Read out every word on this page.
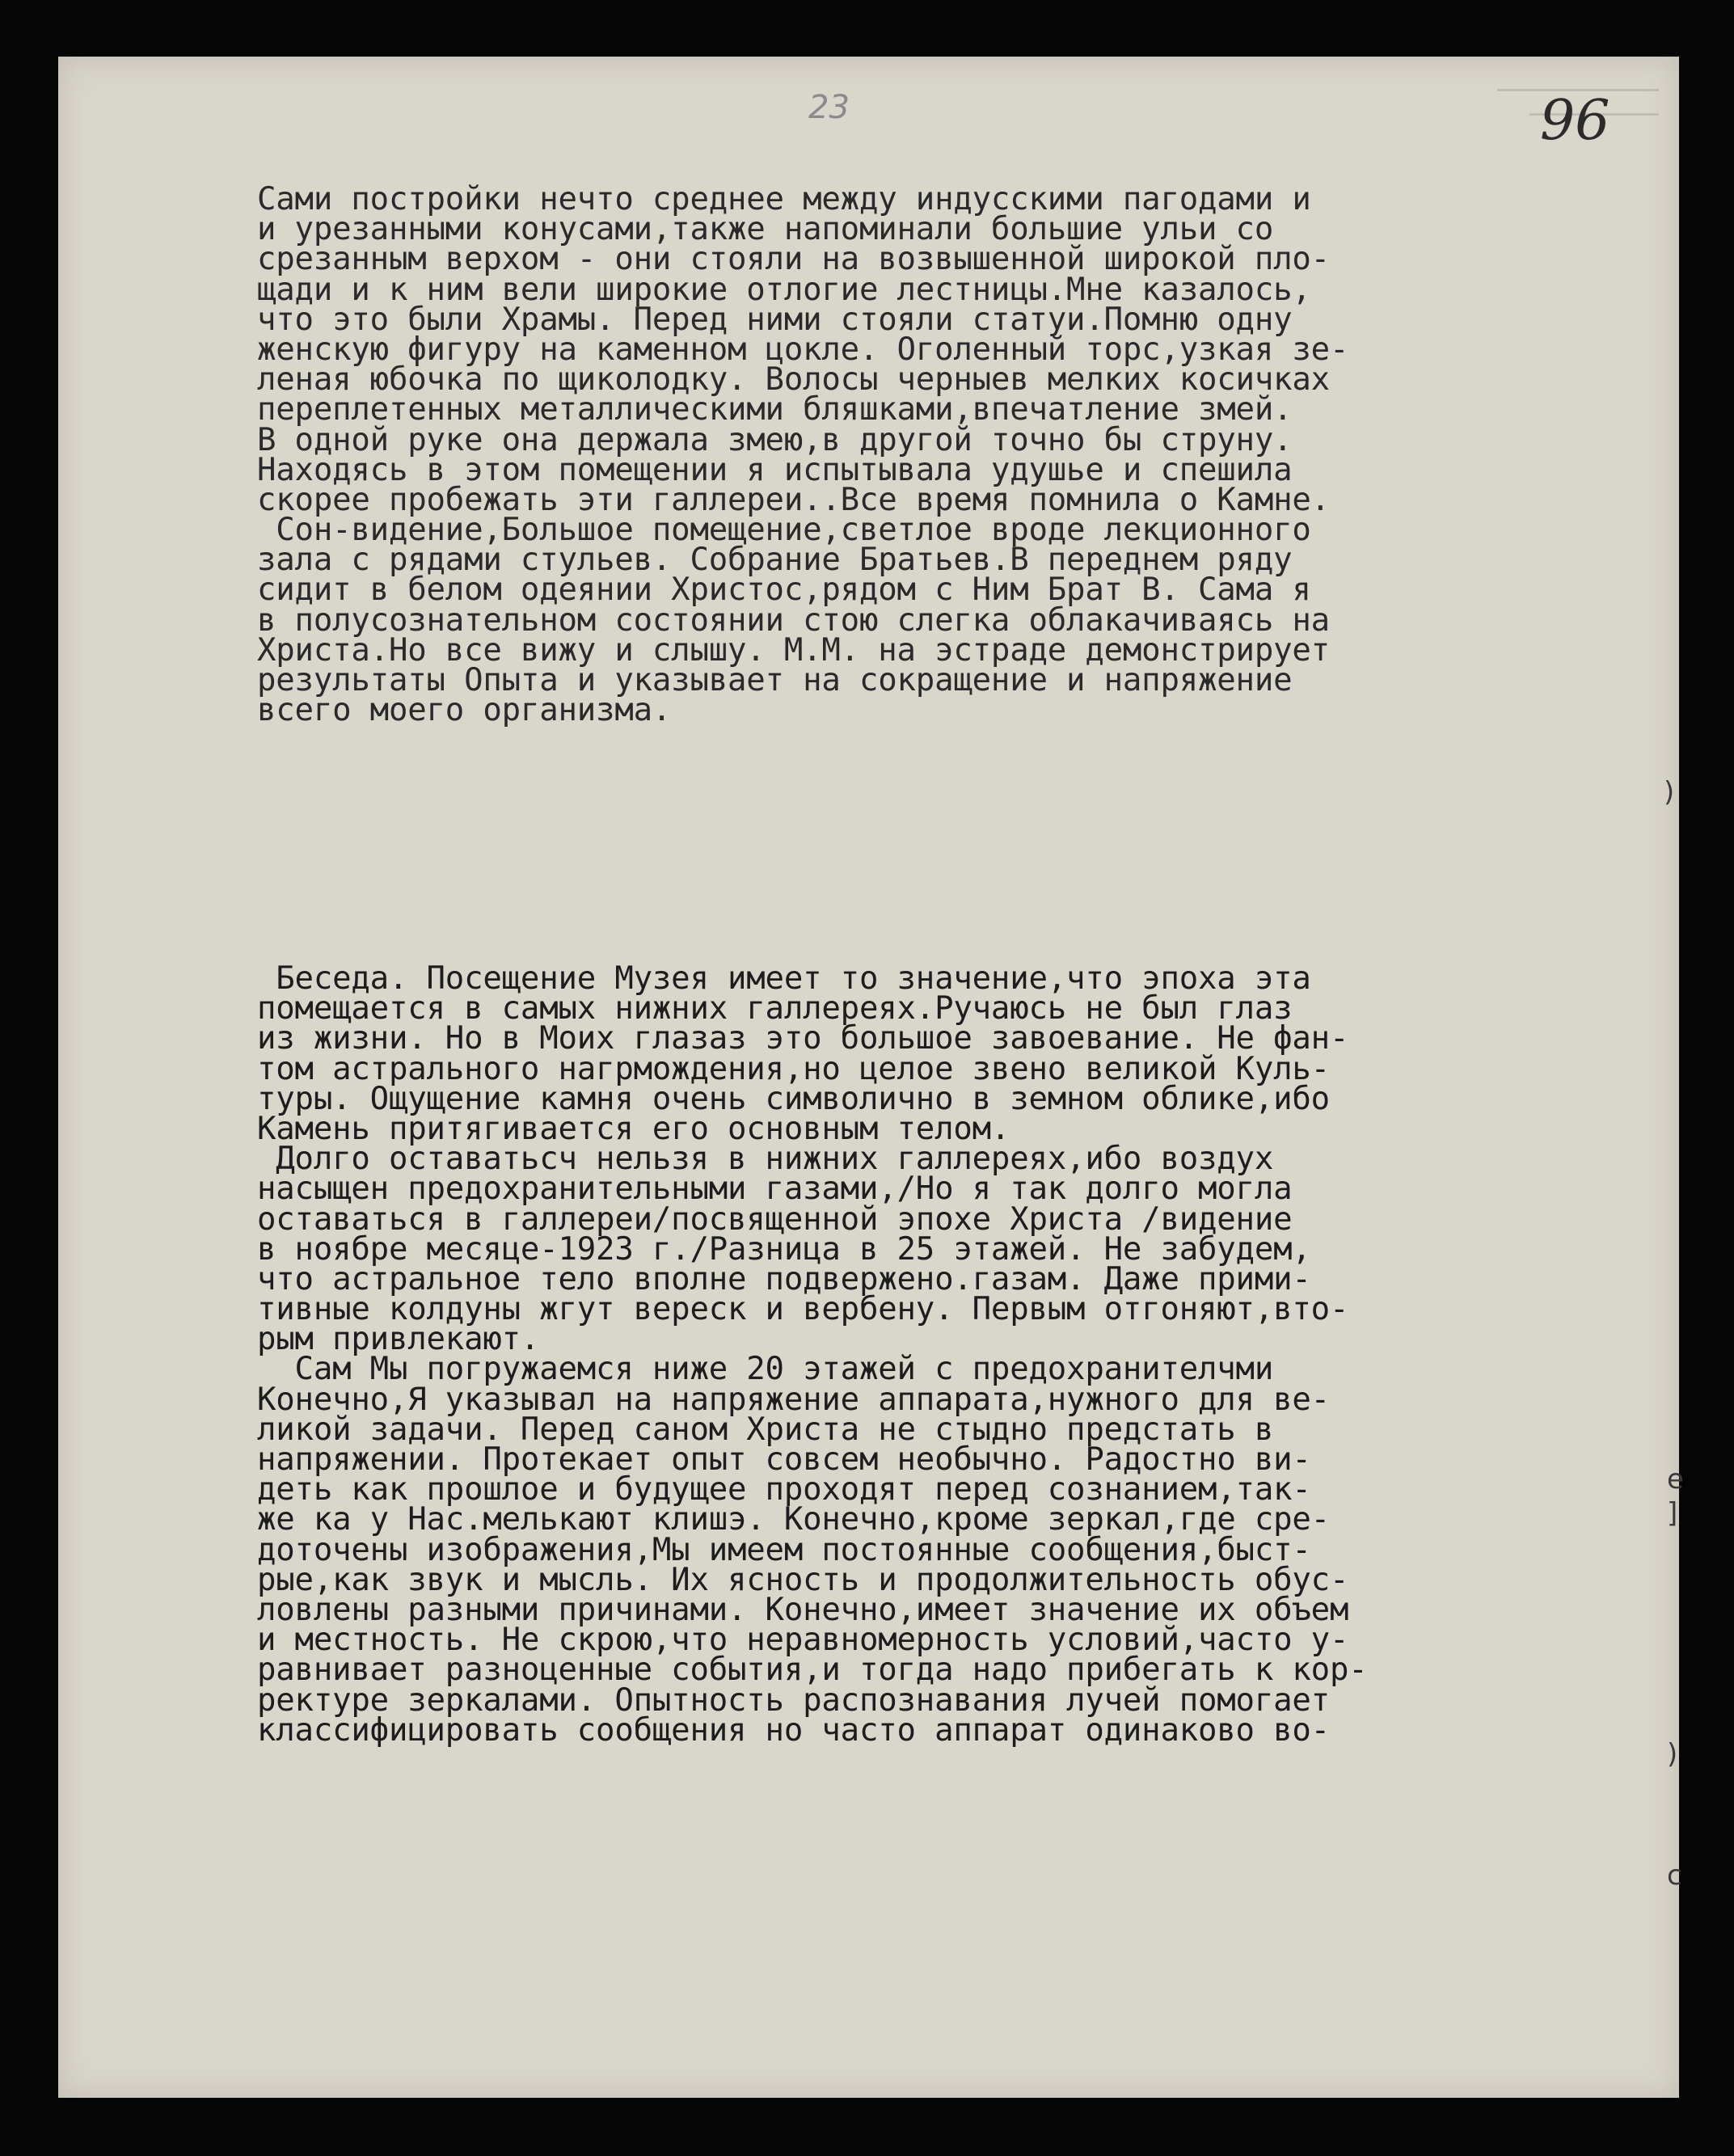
23	96
Сами постройки нечто среднее между индусскими пагодами и
и урезанными конусами,также напоминали большие ульи со
срезанным верхом - они стояли на возвышенной широкой пло-
щади и к ним вели широкие отлогие лестницы.Мне казалось,
что это были Храмы. Перед ними стояли статуи.Помню одну
женскую фигуру на каменном цокле. Оголенный торс,узкая зе-
леная юбочка по щиколодку. Волосы черныев мелких косичках
переплетенных металлическими бляшками,впечатление змей.
В одной руке она держала змею,в другой точно бы струну.
Находясь в этом помещении я испытывала удушье и спешила
скорее пробежать эти галлереи..Все время помнила о Камне.
Сон-видение,Большое помещение,светлое вроде лекционного
зала с рядами стульев. Собрание Братьев.В переднем ряду
сидит в белом одеянии Христос,рядом с Ним Брат В. Сама я
в полусознательном состоянии стою слегка облакачиваясь на
Христа.Но все вижу и слышу. М.М. на эстраде демонстрирует
результаты Опыта и указывает на сокращение и напряжение
всего моего организма.
Беседа. Посещение Музея имеет то значение,что эпоха эта
помещается в самых нижних галлереях.Ручаюсь не был глаз
из жизни. Но в Моих глазаз это большое завоевание. Не фан-
том астрального нагрмождения,но целое звено великой Куль-
туры. Ощущение камня очень символично в земном облике,ибо
Камень притягивается его основным телом.
Долго оставатьсч нельзя в нижних галлереях,ибо воздух
насыщен предохранительными газами,/Но я так долго могла
оставаться в галлереи/посвященной эпохе Христа /видение
в ноябре месяце-1923 г./Разница в 25 этажей. Не забудем,
что астральное тело вполне подвержено.газам. Даже прими-
тивные колдуны жгут вереск и вербену. Первым отгоняют,вто-
рым привлекают.
Сам Мы погружаемся ниже 20 этажей с предохранителчми
Конечно,Я указывал на напряжение аппарата,нужного для ве-
ликой задачи. Перед саном Христа не стыдно предстать в
напряжении. Протекает опыт совсем необычно. Радостно ви-
деть как прошлое и будущее проходят перед сознанием,так-
же ка у Нас.мелькают клишэ. Конечно,кроме зеркал,где сре-
доточены изображения,Мы имеем постоянные сообщения,быст-
рые,как звук и мысль. Их ясность и продолжительность обус-
ловлены разными причинами. Конечно,имеет значение их объем
и местность. Не скрою,что неравномерность условий,часто у-
равнивает разноценные события,и тогда надо прибегать к кор-
ректуре зеркалами. Опытность распознавания лучей помогает
классифицировать сообщения но часто аппарат одинаково во-
)
е
]
)
с
